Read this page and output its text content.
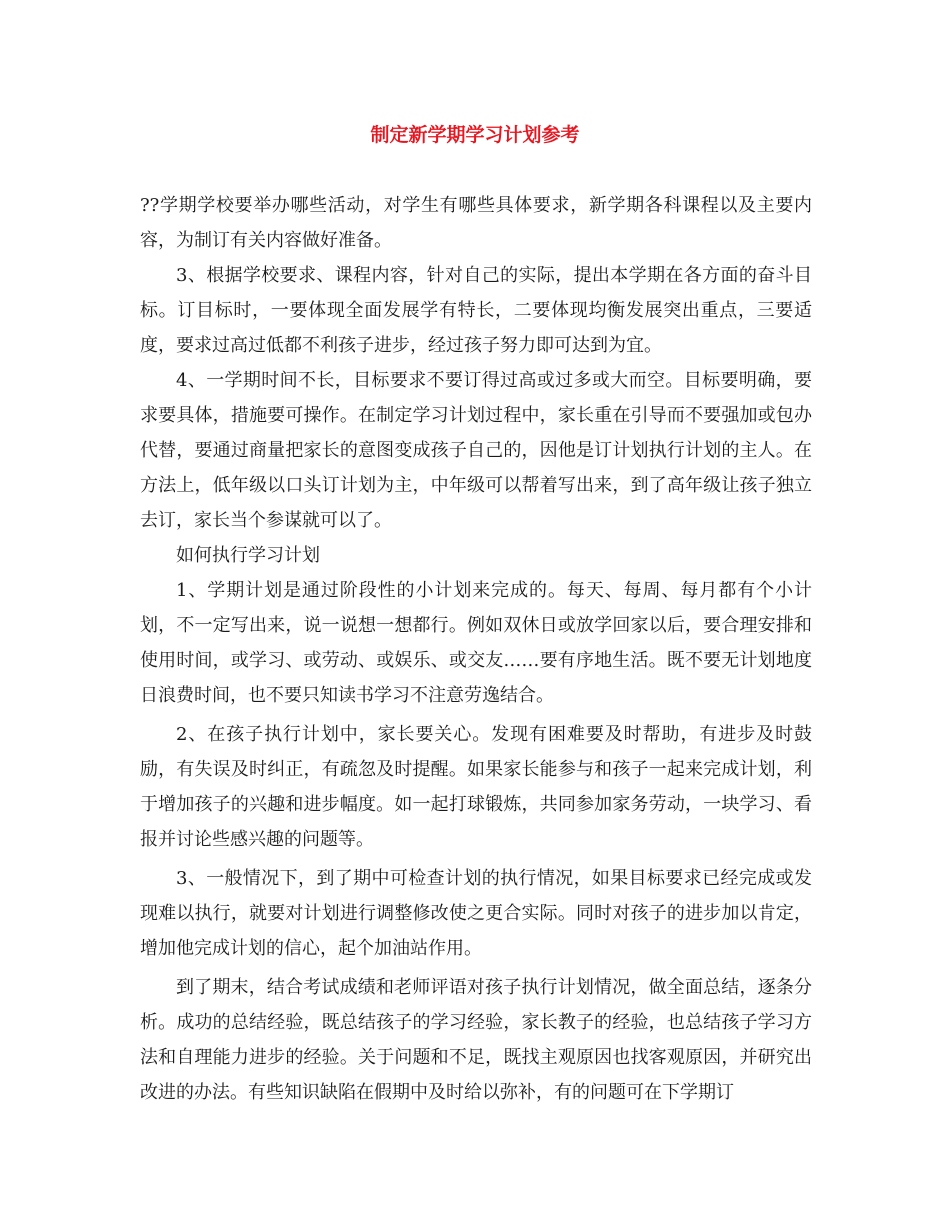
制定新学期学习计划参考

??学期学校要举办哪些活动，对学生有哪些具体要求，新学期各科课程以及主要内容，为制订有关内容做好准备。

3、根据学校要求、课程内容，针对自己的实际，提出本学期在各方面的奋斗目标。订目标时，一要体现全面发展学有特长，二要体现均衡发展突出重点，三要适度，要求过高过低都不利孩子进步，经过孩子努力即可达到为宜。

4、一学期时间不长，目标要求不要订得过高或过多或大而空。目标要明确，要求要具体，措施要可操作。在制定学习计划过程中，家长重在引导而不要强加或包办代替，要通过商量把家长的意图变成孩子自己的，因他是订计划执行计划的主人。在方法上，低年级以口头订计划为主，中年级可以帮着写出来，到了高年级让孩子独立去订，家长当个参谋就可以了。

如何执行学习计划

1、学期计划是通过阶段性的小计划来完成的。每天、每周、每月都有个小计划，不一定写出来，说一说想一想都行。例如双休日或放学回家以后，要合理安排和使用时间，或学习、或劳动、或娱乐、或交友……要有序地生活。既不要无计划地度日浪费时间，也不要只知读书学习不注意劳逸结合。

2、在孩子执行计划中，家长要关心。发现有困难要及时帮助，有进步及时鼓励，有失误及时纠正，有疏忽及时提醒。如果家长能参与和孩子一起来完成计划，利于增加孩子的兴趣和进步幅度。如一起打球锻炼，共同参加家务劳动，一块学习、看报并讨论些感兴趣的问题等。

3、一般情况下，到了期中可检查计划的执行情况，如果目标要求已经完成或发现难以执行，就要对计划进行调整修改使之更合实际。同时对孩子的进步加以肯定，增加他完成计划的信心，起个加油站作用。

到了期末，结合考试成绩和老师评语对孩子执行计划情况，做全面总结，逐条分析。成功的总结经验，既总结孩子的学习经验，家长教子的经验，也总结孩子学习方法和自理能力进步的经验。关于问题和不足，既找主观原因也找客观原因，并研究出改进的办法。有些知识缺陷在假期中及时给以弥补，有的问题可在下学期订
